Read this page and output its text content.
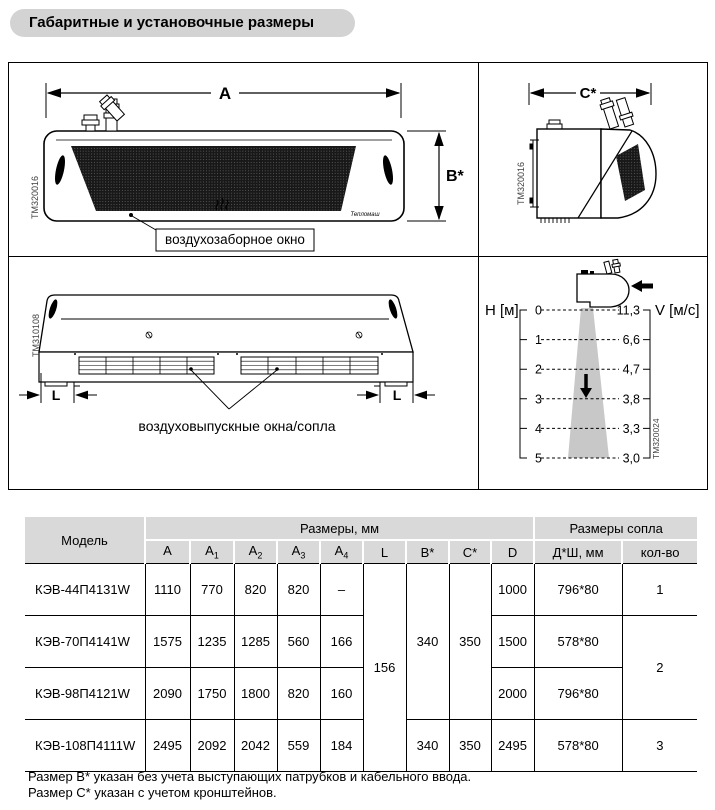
Габаритные и установочные размеры
A
Тепломаш
B*
TM320016
воздухозаборное окно
C*
TM320016
L	L
воздуховыпускные окна/сопла
TM310108
H [м] 0
1
2
3
4
5
11,3
6,6
4,7
3,8
3,3
3,0
V [м/с]
TM320024
Модель	Размеры, мм									Размеры сопла	
	A	$A_1$	$A_2$	$A_3$	$A_4$	L	B*	C*	D	Д*Ш, мм	кол-во
КЭВ-44П4131W	1110	770	820	820	–	156	340	350	1000	796*80	1
КЭВ-70П4141W	1575	1235	1285	560	166				1500	578*80	2
КЭВ-98П4121W	2090	1750	1800	820	160				2000	796*80	
КЭВ-108П4111W	2495	2092	2042	559	184		340	350	2495	578*80	3
Размер В* указан без учета выступающих патрубков и кабельного ввода.
Размер С* указан с учетом кронштейнов.
